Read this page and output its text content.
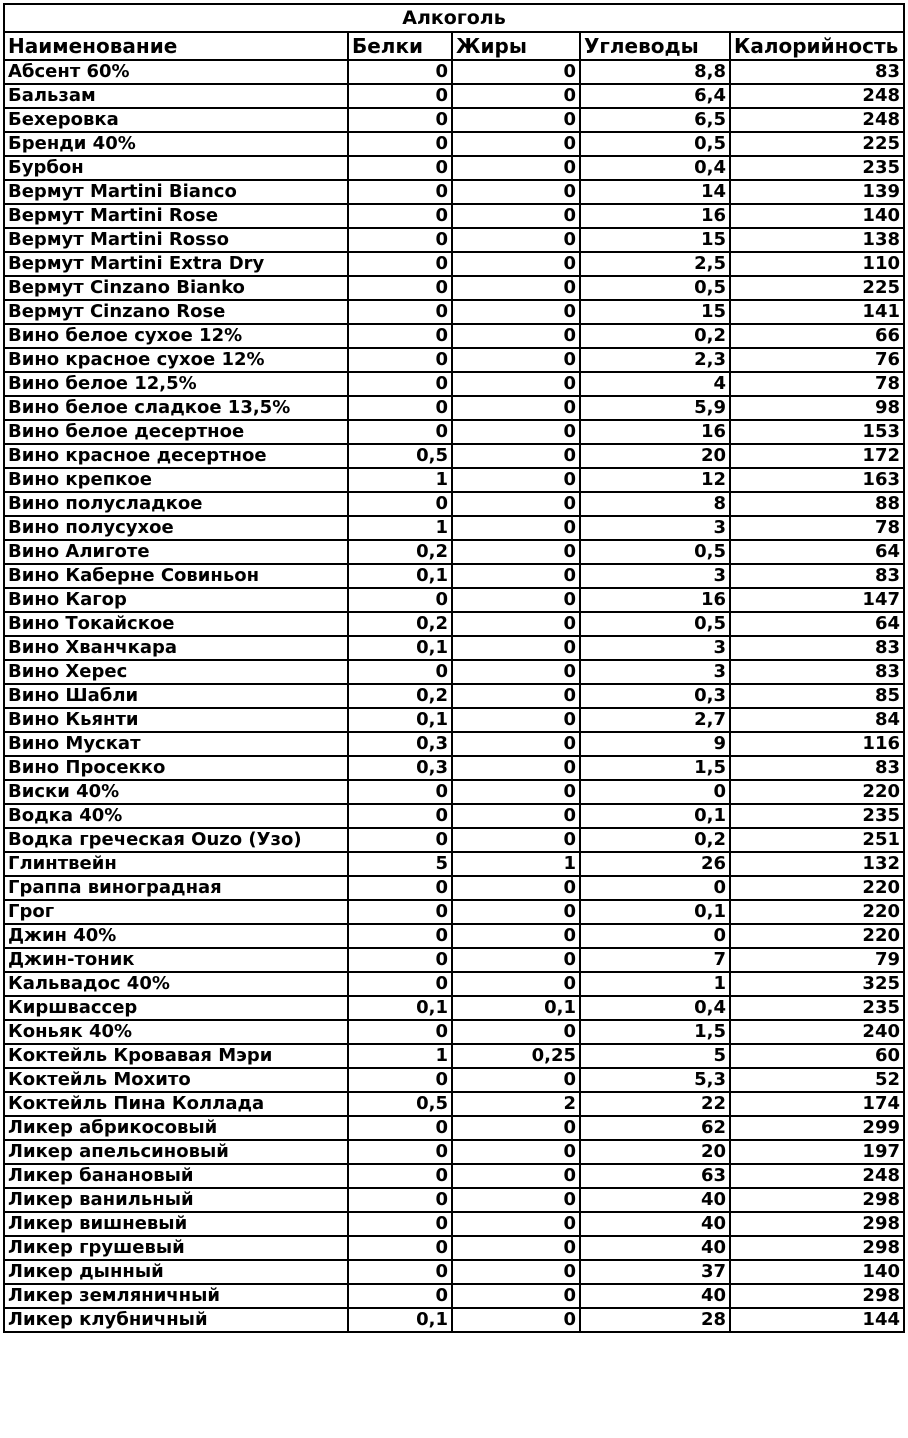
Алкоголь				
Наименование	Белки	Жиры	Углеводы	Калорийность
Абсент 60%	0	0	8,8	83
Бальзам	0	0	6,4	248
Бехеровка	0	0	6,5	248
Бренди 40%	0	0	0,5	225
Бурбон	0	0	0,4	235
Вермут Martini Bianco	0	0	14	139
Вермут Martini Rose	0	0	16	140
Вермут Martini Rosso	0	0	15	138
Вермут Martini Extra Dry	0	0	2,5	110
Вермут Cinzano Bianko	0	0	0,5	225
Вермут Cinzano Rose	0	0	15	141
Вино белое сухое 12%	0	0	0,2	66
Вино красное сухое 12%	0	0	2,3	76
Вино белое 12,5%	0	0	4	78
Вино белое сладкое 13,5%	0	0	5,9	98
Вино белое десертное	0	0	16	153
Вино красное десертное	0,5	0	20	172
Вино крепкое	1	0	12	163
Вино полусладкое	0	0	8	88
Вино полусухое	1	0	3	78
Вино Алиготе	0,2	0	0,5	64
Вино Каберне Совиньон	0,1	0	3	83
Вино Кагор	0	0	16	147
Вино Токайское	0,2	0	0,5	64
Вино Хванчкара	0,1	0	3	83
Вино Херес	0	0	3	83
Вино Шабли	0,2	0	0,3	85
Вино Кьянти	0,1	0	2,7	84
Вино Мускат	0,3	0	9	116
Вино Просекко	0,3	0	1,5	83
Виски 40%	0	0	0	220
Водка 40%	0	0	0,1	235
Водка греческая Ouzo (Узо)	0	0	0,2	251
Глинтвейн	5	1	26	132
Граппа виноградная	0	0	0	220
Грог	0	0	0,1	220
Джин 40%	0	0	0	220
Джин-тоник	0	0	7	79
Кальвадос 40%	0	0	1	325
Киршвассер	0,1	0,1	0,4	235
Коньяк 40%	0	0	1,5	240
Коктейль Кровавая Мэри	1	0,25	5	60
Коктейль Мохито	0	0	5,3	52
Коктейль Пина Коллада	0,5	2	22	174
Ликер абрикосовый	0	0	62	299
Ликер апельсиновый	0	0	20	197
Ликер банановый	0	0	63	248
Ликер ванильный	0	0	40	298
Ликер вишневый	0	0	40	298
Ликер грушевый	0	0	40	298
Ликер дынный	0	0	37	140
Ликер земляничный	0	0	40	298
Ликер клубничный	0,1	0	28	144
